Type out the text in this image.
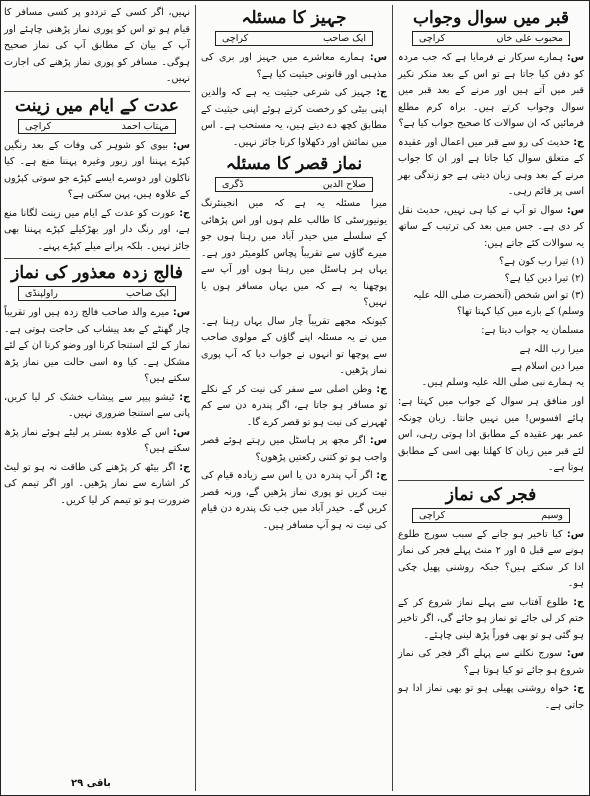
قبر میں سوال وجواب
محبوب علی خاں
کراچی

س: ہمارے سرکار نے فرمایا ہے کہ جب مردہ کو دفن کیا جاتا ہے تو اس کے بعد منکر نکیر قبر میں آتے ہیں اور مرنے کے بعد قبر میں سوال وجواب کرتے ہیں۔ براہ کرم مطلع فرمائیں کہ ان سوالات کا صحیح جواب کیا ہے؟

ج: حدیث کی رو سے قبر میں اعمال اور عقیدہ کے متعلق سوال کیا جاتا ہے اور ان کا جواب مرنے کے بعد وہی زبان دیتی ہے جو زندگی بھر اسی پر قائم رہی۔

س: سوال تو آپ نے کیا ہی نہیں، حدیث نقل کر دی ہے۔ جس میں بعد کی ترتیب کے ساتھ یہ سوالات کئے جاتے ہیں:

(۱) تیرا رب کون ہے؟
(۲) تیرا دین کیا ہے؟
(۳) تو اس شخص (آنحضرت صلی اللہ علیہ وسلم) کے بارے میں کیا کہتا تھا؟

مسلمان یہ جواب دیتا ہے:

میرا رب اللہ ہے
میرا دین اسلام ہے
یہ ہمارے نبی صلی اللہ علیہ وسلم ہیں۔

اور منافق ہر سوال کے جواب میں کہتا ہے: ہائے افسوس! میں نہیں جانتا۔ زبان چونکہ عمر بھر عقیدہ کے مطابق ادا ہوتی رہی، اس لئے قبر میں زبان کا کھلنا بھی اسی کے مطابق ہوتا ہے۔

فجر کی نماز
وسیم
کراچی

س: کیا تاخیر ہو جانے کے سبب سورج طلوع ہونے سے قبل ۵ اور ۲ منٹ پہلے فجر کی نماز ادا کر سکتے ہیں؟ جبکہ روشنی پھیل چکی ہو۔

ج: طلوع آفتاب سے پہلے نماز شروع کر کے ختم کر لی جائے تو نماز ہو جائے گی، اگر تاخیر ہو گئی ہو تو بھی فوراً پڑھ لینی چاہئے۔

س: سورج نکلنے سے پہلے اگر فجر کی نماز شروع ہو جائے تو کیا ہوتا ہے؟

ج: خواہ روشنی پھیلی ہو تو بھی نماز ادا ہو جاتی ہے۔

جہیز کا مسئلہ
ایک صاحب
کراچی

س: ہمارے معاشرے میں جہیز اور بری کی مذہبی اور قانونی حیثیت کیا ہے؟

ج: جہیز کی شرعی حیثیت یہ ہے کہ والدین اپنی بیٹی کو رخصت کرتے ہوئے اپنی حیثیت کے مطابق کچھ دے دیتے ہیں، یہ مستحب ہے۔ اس میں نمائش اور دکھلاوا کرنا جائز نہیں۔

نماز قصر کا مسئلہ
صلاح الدین
ڈگری

میرا مسئلہ یہ ہے کہ میں انجینئرنگ یونیورسٹی کا طالب علم ہوں اور اس پڑھائی کے سلسلے میں حیدر آباد میں رہتا ہوں جو میرے گاؤں سے تقریباً پچاس کلومیٹر دور ہے۔ یہاں ہر ہاسٹل میں رہتا ہوں اور آپ سے پوچھنا یہ ہے کہ میں یہاں مسافر ہوں یا نہیں؟

کیونکہ مجھے تقریباً چار سال یہاں رہنا ہے۔ میں نے یہ مسئلہ اپنے گاؤں کے مولوی صاحب سے پوچھا تو انہوں نے جواب دیا کہ آپ پوری نماز پڑھیں۔

ج: وطن اصلی سے سفر کی نیت کر کے نکلے تو مسافر ہو جاتا ہے، اگر پندرہ دن سے کم ٹھہرنے کی نیت ہو تو قصر کرے گا۔

س: اگر مجھ پر ہاسٹل میں رہتے ہوئے قصر واجب ہو تو کتنی رکعتیں پڑھوں؟

ج: اگر آپ پندرہ دن یا اس سے زیادہ قیام کی نیت کریں تو پوری نماز پڑھیں گے، ورنہ قصر کریں گے۔ حیدر آباد میں جب تک پندرہ دن قیام کی نیت نہ ہو آپ مسافر ہیں۔

نہیں، اگر کسی کے ترددو پر کسی مسافر کا قیام ہو تو اس کو پوری نماز پڑھنی چاہئے اور آپ کے بیان کے مطابق آپ کی نماز صحیح ہوگی۔ مسافر کو پوری نماز پڑھنے کی اجازت نہیں۔

عدت کے ایام میں زینت
مہتاب احمد
کراچی

س: بیوی کو شوہر کی وفات کے بعد رنگین کپڑے پہننا اور زیور وغیرہ پہننا منع ہے۔ کیا ناکلون اور دوسرے ایسے کپڑے جو سوتی کپڑوں کے علاوہ ہیں، پہن سکتی ہے؟

ج: عورت کو عدت کے ایام میں زینت لگانا منع ہے، اور رنگ دار اور بھڑکیلے کپڑے پہننا بھی جائز نہیں۔ بلکہ پرانے میلے کپڑے پہنے۔

فالج زدہ معذور کی نماز
ایک صاحب
راولپنڈی

س: میرے والد صاحب فالج زدہ ہیں اور تقریباً چار گھنٹے کے بعد پیشاب کی حاجت ہوتی ہے۔ نماز کے لئے استنجا کرنا اور وضو کرنا ان کے لئے مشکل ہے۔ کیا وہ اسی حالت میں نماز پڑھ سکتے ہیں؟

ج: ٹیشو پیپر سے پیشاب خشک کر لیا کریں، پانی سے استنجا ضروری نہیں۔

س: اس کے علاوہ بستر پر لیٹے ہوئے نماز پڑھ سکتے ہیں؟

ج: اگر بیٹھ کر پڑھنے کی طاقت نہ ہو تو لیٹ کر اشارے سے نماز پڑھیں۔ اور اگر تیمم کی ضرورت ہو تو تیمم کر لیا کریں۔

باقی ۲۹
